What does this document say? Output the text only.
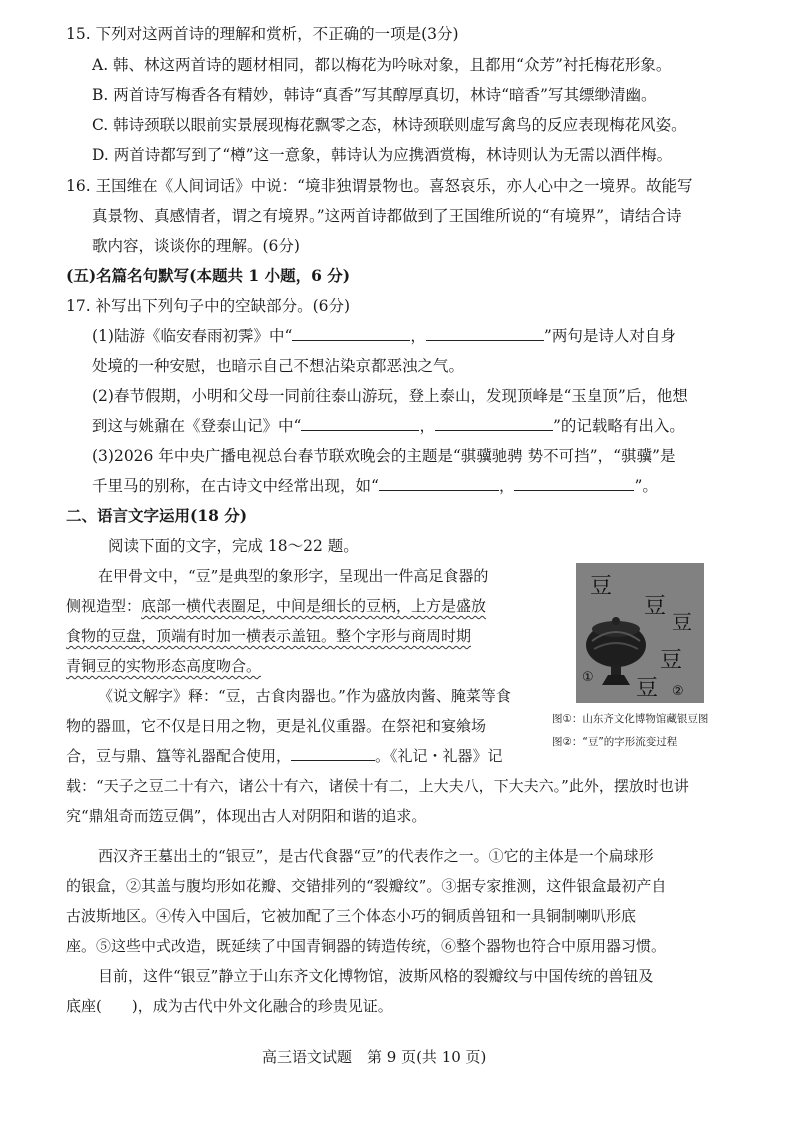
15. 下列对这两首诗的理解和赏析，不正确的一项是(3分)
A. 韩、林这两首诗的题材相同，都以梅花为吟咏对象，且都用“众芳”衬托梅花形象。
B. 两首诗写梅香各有精妙，韩诗“真香”写其醇厚真切，林诗“暗香”写其缥缈清幽。
C. 韩诗颈联以眼前实景展现梅花飘零之态，林诗颈联则虚写禽鸟的反应表现梅花风姿。
D. 两首诗都写到了“樽”这一意象，韩诗认为应携酒赏梅，林诗则认为无需以酒伴梅。
16. 王国维在《人间词话》中说：“境非独谓景物也。喜怒哀乐，亦人心中之一境界。故能写
真景物、真感情者，谓之有境界。”这两首诗都做到了王国维所说的“有境界”，请结合诗
歌内容，谈谈你的理解。(6分)
(五)名篇名句默写(本题共 1 小题，6 分)
17. 补写出下列句子中的空缺部分。(6分)
(1)陆游《临安春雨初霁》中“	，	”两句是诗人对自身
处境的一种安慰，也暗示自己不想沾染京都恶浊之气。
(2)春节假期，小明和父母一同前往泰山游玩，登上泰山，发现顶峰是“玉皇顶”后，他想
到这与姚鼐在《登泰山记》中“	，	”的记载略有出入。
(3)2026 年中央广播电视总台春节联欢晚会的主题是“骐骥驰骋 势不可挡”，“骐骥”是
千里马的别称，在古诗文中经常出现，如“	，	”。
二、语言文字运用(18 分)
阅读下面的文字，完成 18～22 题。
在甲骨文中，“豆”是典型的象形字，呈现出一件高足食器的
侧视造型：底部一横代表圈足，中间是细长的豆柄，上方是盛放
食物的豆盘，顶端有时加一横表示盖钮。整个字形与商周时期
青铜豆的实物形态高度吻合。
《说文解字》释：“豆，古食肉器也。”作为盛放肉酱、腌菜等食
物的器皿，它不仅是日用之物，更是礼仪重器。在祭祀和宴飨场
合，豆与鼎、簋等礼器配合使用，	。《礼记・礼器》记
载：“天子之豆二十有六，诸公十有六，诸侯十有二，上大夫八，下大夫六。”此外，摆放时也讲
究“鼎俎奇而笾豆偶”，体现出古人对阴阳和谐的追求。
西汉齐王墓出土的“银豆”，是古代食器“豆”的代表作之一。①它的主体是一个扁球形
的银盒，②其盖与腹均形如花瓣、交错排列的“裂瓣纹”。③据专家推测，这件银盒最初产自
古波斯地区。④传入中国后，它被加配了三个体态小巧的铜质兽钮和一具铜制喇叭形底
座。⑤这些中式改造，既延续了中国青铜器的铸造传统，⑥整个器物也符合中原用器习惯。
目前，这件“银豆”静立于山东齐文化博物馆，波斯风格的裂瓣纹与中国传统的兽钮及
底座(　　)，成为古代中外文化融合的珍贵见证。
豆
豆
豆
豆
豆
①
②
图①：山东齐文化博物馆藏银豆图
图②：“豆”的字形流变过程
高三语文试题　第 9 页(共 10 页)
